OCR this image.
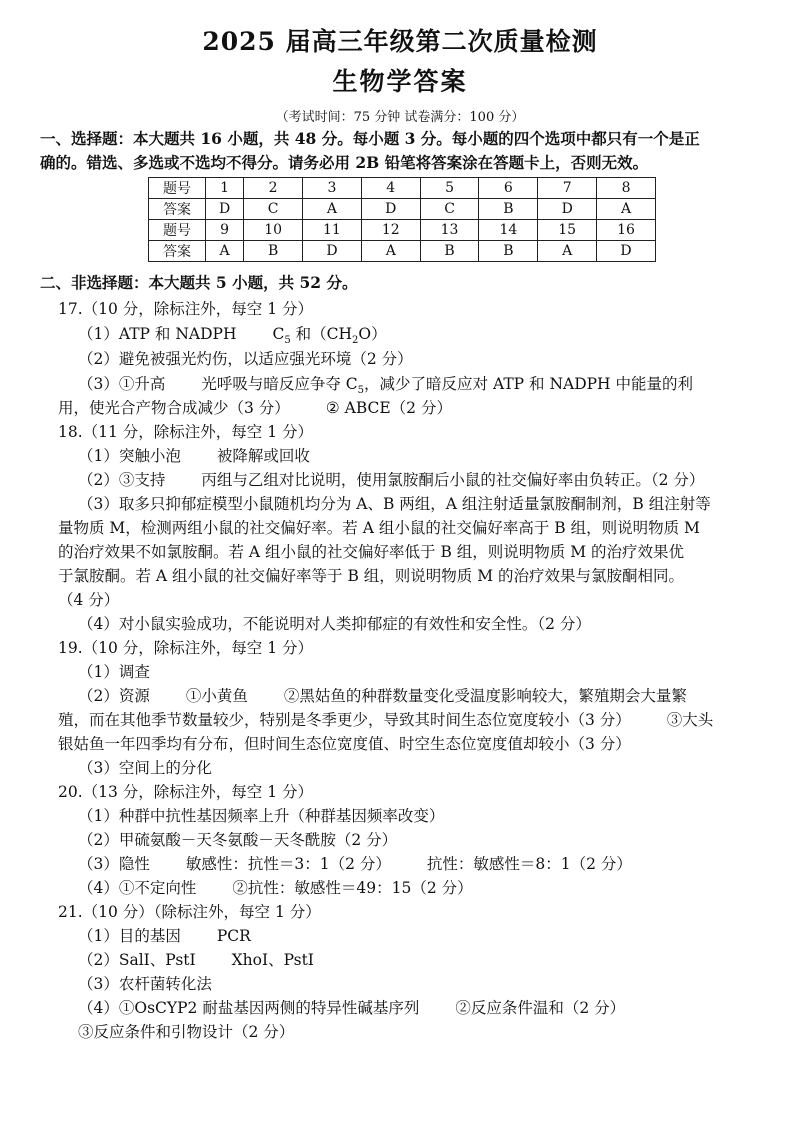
2025 届高三年级第二次质量检测
生物学答案
（考试时间：75 分钟 试卷满分：100 分）
一、选择题：本大题共 16 小题，共 48 分。每小题 3 分。每小题的四个选项中都只有一个是正
确的。错选、多选或不选均不得分。请务必用 2B 铅笔将答案涂在答题卡上，否则无效。
题号	1	2	3	4	5	6	7	8
答案	D	C	A	D	C	B	D	A
题号	9	10	11	12	13	14	15	16
答案	A	B	D	A	B	B	A	D
二、非选择题：本大题共 5 小题，共 52 分。
17.（10 分，除标注外，每空 1 分）
（1）ATP 和 NADPH $C_5$ 和$(CH_2O)$
（2）避免被强光灼伤，以适应强光环境（2 分）
（3）①升高 光呼吸与暗反应争夺 $C_5$，减少了暗反应对 ATP 和 NADPH 中能量的利
用，使光合产物合成减少（3 分） ② ABCE（2 分）
18.（11 分，除标注外，每空 1 分）
（1）突触小泡 被降解或回收
（2）③支持 丙组与乙组对比说明，使用氯胺酮后小鼠的社交偏好率由负转正。（2 分）
（3）取多只抑郁症模型小鼠随机均分为 A、B 两组，A 组注射适量氯胺酮制剂，B 组注射等
量物质 M，检测两组小鼠的社交偏好率。若 A 组小鼠的社交偏好率高于 B 组，则说明物质 M
的治疗效果不如氯胺酮。若 A 组小鼠的社交偏好率低于 B 组，则说明物质 M 的治疗效果优
于氯胺酮。若 A 组小鼠的社交偏好率等于 B 组，则说明物质 M 的治疗效果与氯胺酮相同。
（4 分）
（4）对小鼠实验成功，不能说明对人类抑郁症的有效性和安全性。（2 分）
19.（10 分，除标注外，每空 1 分）
（1）调查
（2）资源 ①小黄鱼 ②黑姑鱼的种群数量变化受温度影响较大，繁殖期会大量繁
殖，而在其他季节数量较少，特别是冬季更少，导致其时间生态位宽度较小（3 分） ③大头
银姑鱼一年四季均有分布，但时间生态位宽度值、时空生态位宽度值却较小（3 分）
（3）空间上的分化
20.（13 分，除标注外，每空 1 分）
（1）种群中抗性基因频率上升（种群基因频率改变）
（2）甲硫氨酸－天冬氨酸－天冬酰胺（2 分）
（3）隐性 敏感性：抗性＝3：1（2 分） 抗性：敏感性＝8：1（2 分）
（4）①不定向性 ②抗性：敏感性＝49：15（2 分）
21.（10 分）（除标注外，每空 1 分）
（1）目的基因 PCR
（2）SalⅠ、PstⅠ XhoⅠ、PstⅠ
（3）农杆菌转化法
（4）①OsCYP2 耐盐基因两侧的特异性碱基序列 ②反应条件温和（2 分）
③反应条件和引物设计（2 分）
